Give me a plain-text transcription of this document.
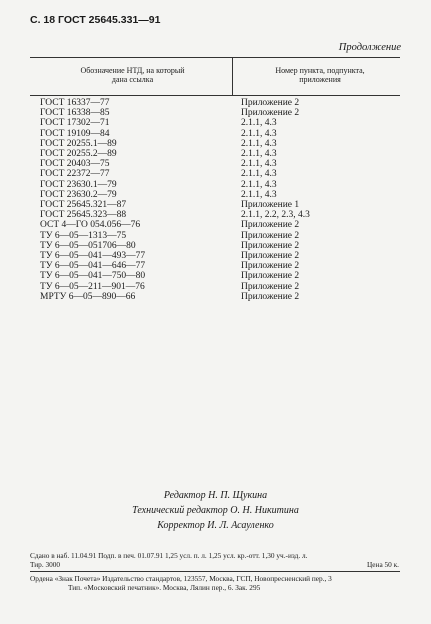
С. 18 ГОСТ 25645.331—91
Продолжение
Обозначение НТД, на который
дана ссылка
Номер пункта, подпункта,
приложения
ГОСТ 16337—77	Приложение 2
ГОСТ 16338—85	Приложение 2
ГОСТ 17302—71	2.1.1, 4.3
ГОСТ 19109—84	2.1.1, 4.3
ГОСТ 20255.1—89	2.1.1, 4.3
ГОСТ 20255.2—89	2.1.1, 4.3
ГОСТ 20403—75	2.1.1, 4.3
ГОСТ 22372—77	2.1.1, 4.3
ГОСТ 23630.1—79	2.1.1, 4.3
ГОСТ 23630.2—79	2.1.1, 4.3
ГОСТ 25645.321—87	Приложение 1
ГОСТ 25645.323—88	2.1.1, 2.2, 2.3, 4.3
ОСТ 4—ГО 054.056—76	Приложение 2
ТУ 6—05—1313—75	Приложение 2
ТУ 6—05—051706—80	Приложение 2
ТУ 6—05—041—493—77	Приложение 2
ТУ 6—05—041—646—77	Приложение 2
ТУ 6—05—041—750—80	Приложение 2
ТУ 6—05—211—901—76	Приложение 2
МРТУ 6—05—890—66	Приложение 2
Редактор Н. П. Щукина
Технический редактор О. Н. Никитина
Корректор И. Л. Асауленко
Сдано в наб. 11.04.91 Подп. в печ. 01.07.91 1,25 усл. п. л. 1,25 усл. кр.-отт. 1,30 уч.-изд. л.
Тир. 3000	Цена 50 к.
Ордена «Знак Почета» Издательство стандартов, 123557, Москва, ГСП, Новопресненский пер., 3
Тип. «Московский печатник». Москва, Лялин пер., 6. Зак. 295
